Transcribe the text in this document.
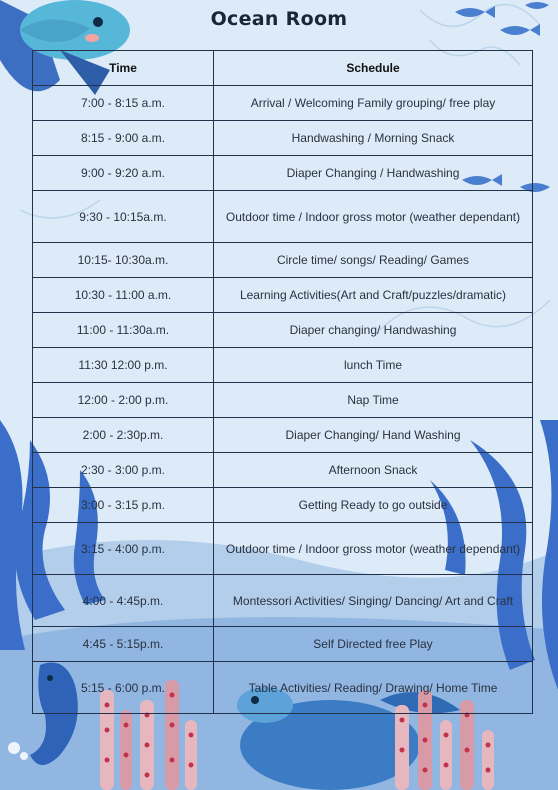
Ocean Room
Time	Schedule
7:00 - 8:15 a.m.	Arrival / Welcoming Family grouping/ free play
8:15 - 9:00 a.m.	Handwashing / Morning Snack
9:00 - 9:20 a.m.	Diaper Changing / Handwashing
9:30 - 10:15a.m.	Outdoor time / Indoor gross motor (weather dependant)
10:15- 10:30a.m.	Circle time/ songs/ Reading/ Games
10:30 - 11:00 a.m.	Learning Activities(Art and Craft/puzzles/dramatic)
11:00 - 11:30a.m.	Diaper changing/ Handwashing
11:30 12:00 p.m.	lunch Time
12:00 - 2:00 p.m.	Nap Time
2:00 - 2:30p.m.	Diaper Changing/ Hand Washing
2:30 - 3:00 p.m.	Afternoon Snack
3:00 - 3:15 p.m.	Getting Ready to go outside
3:15 - 4:00 p.m.	Outdoor time / Indoor gross motor (weather dependant)
4:00 - 4:45p.m.	Montessori Activities/ Singing/ Dancing/ Art and Craft
4:45 - 5:15p.m.	Self Directed free Play
5:15 - 6:00 p.m.	Table Activities/ Reading/ Drawing/ Home Time
